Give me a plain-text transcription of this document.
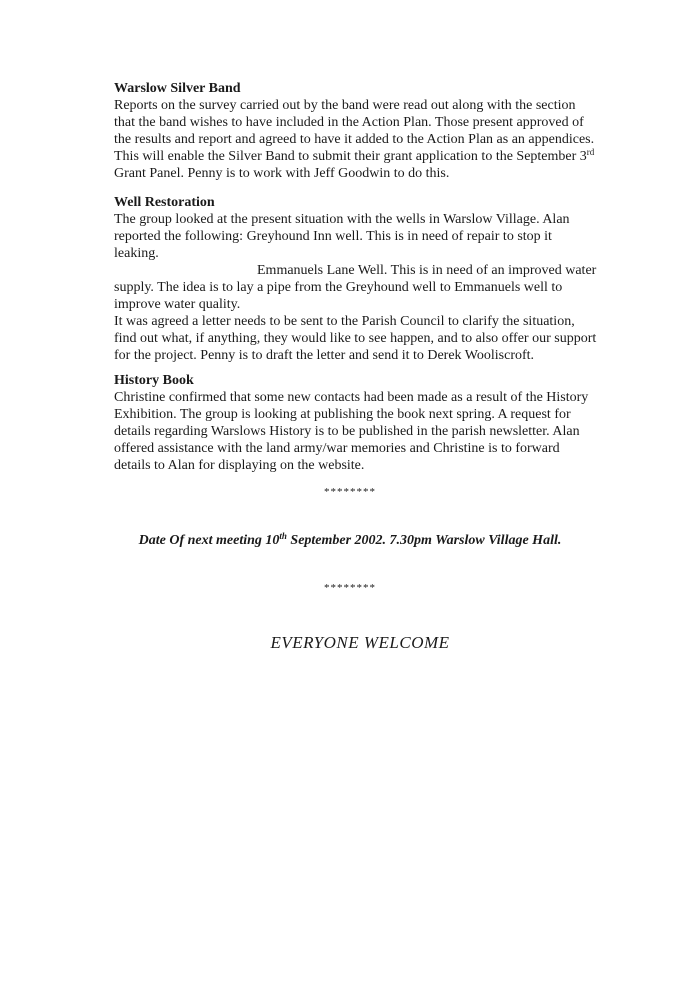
Warslow Silver Band

Reports on the survey carried out by the band were read out along with the section

that the band wishes to have included in the Action Plan. Those present approved of

the results and report and agreed to have it added to the Action Plan as an appendices.

This will enable the Silver Band to submit their grant application to the September 3rd

Grant Panel. Penny is to work with Jeff Goodwin to do this.

Well Restoration

The group looked at the present situation with the wells in Warslow Village. Alan

reported the following: Greyhound Inn well. This is in need of repair to stop it

leaking.

Emmanuels Lane Well. This is in need of an improved water

supply. The idea is to lay a pipe from the Greyhound well to Emmanuels well to

improve water quality.

It was agreed a letter needs to be sent to the Parish Council to clarify the situation,

find out what, if anything, they would like to see happen, and to also offer our support

for the project. Penny is to draft the letter and send it to Derek Wooliscroft.

History Book

Christine confirmed that some new contacts had been made as a result of the History

Exhibition. The group is looking at publishing the book next spring. A request for

details regarding Warslows History is to be published in the parish newsletter. Alan

offered assistance with the land army/war memories and Christine is to forward

details to Alan for displaying on the website.

********
Date Of next meeting 10th September 2002. 7.30pm Warslow Village Hall.
********
EVERYONE WELCOME
